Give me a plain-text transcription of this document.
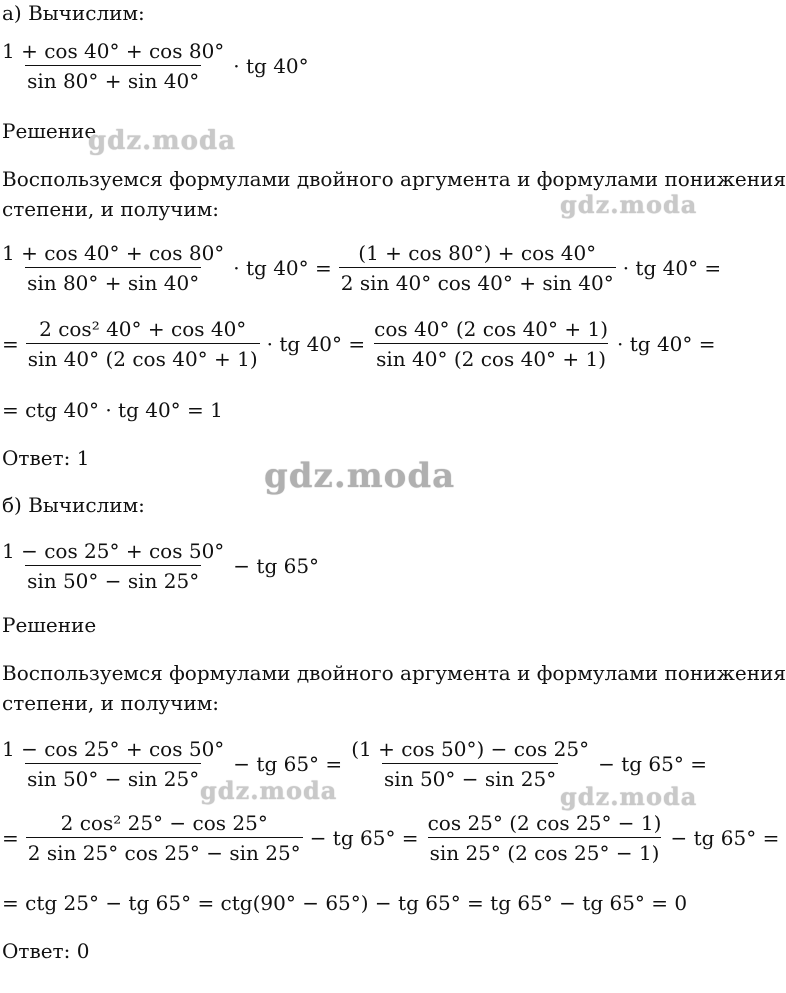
а) Вычислим:
$\frac{1 + \cos 40^\circ + \cos 80^\circ}{\sin 80^\circ + \sin 40^\circ}$ · tg 40°
Решение
Воспользуемся формулами двойного аргумента и формулами понижения
степени, и получим:
$\frac{1 + \cos 40^\circ + \cos 80^\circ}{\sin 80^\circ + \sin 40^\circ}$ · tg $40^\circ = \frac{(1 + \cos 80^\circ) + \cos 40^\circ}{2 \sin 40^\circ \cos 40^\circ + \sin 40^\circ}$ · tg 40° =
= $\frac{\text{2 cos² 40° + cos 40°}}{\sin 40^\circ (2 \cos 40^\circ + 1)}$ · tg $40^\circ = \frac{\cos 40^\circ (2 \cos 40^\circ + 1)}{\sin 40^\circ (2 \cos 40^\circ + 1)}$ · tg 40° =
= ctg 40° · tg 40° = 1
Ответ: 1
б) Вычислим:
$\frac{1 - \cos 25^\circ + \cos 50^\circ}{\sin 50^\circ - \sin 25^\circ}$ − tg 65°
Решение
Воспользуемся формулами двойного аргумента и формулами понижения
степени, и получим:
$\frac{1 - \cos 25^\circ + \cos 50^\circ}{\sin 50^\circ - \sin 25^\circ}$ − tg $65^\circ = \frac{(1 + \cos 50^\circ) - \cos 25^\circ}{\sin 50^\circ - \sin 25^\circ}$ − tg 65° =
= $\frac{\text{2 cos² 25° − cos 25°}}{2 \sin 25^\circ \cos 25^\circ - \sin 25^\circ}$ − tg $65^\circ = \frac{\cos 25^\circ (2 \cos 25^\circ - 1)}{\sin 25^\circ (2 \cos 25^\circ - 1)}$ − tg 65° =
= ctg 25° − tg 65° = ctg(90° − 65°) − tg 65° = tg 65° − tg 65° = 0
Ответ: 0
gdz.moda
gdz.moda
gdz.moda
gdz.moda	gdz.moda
